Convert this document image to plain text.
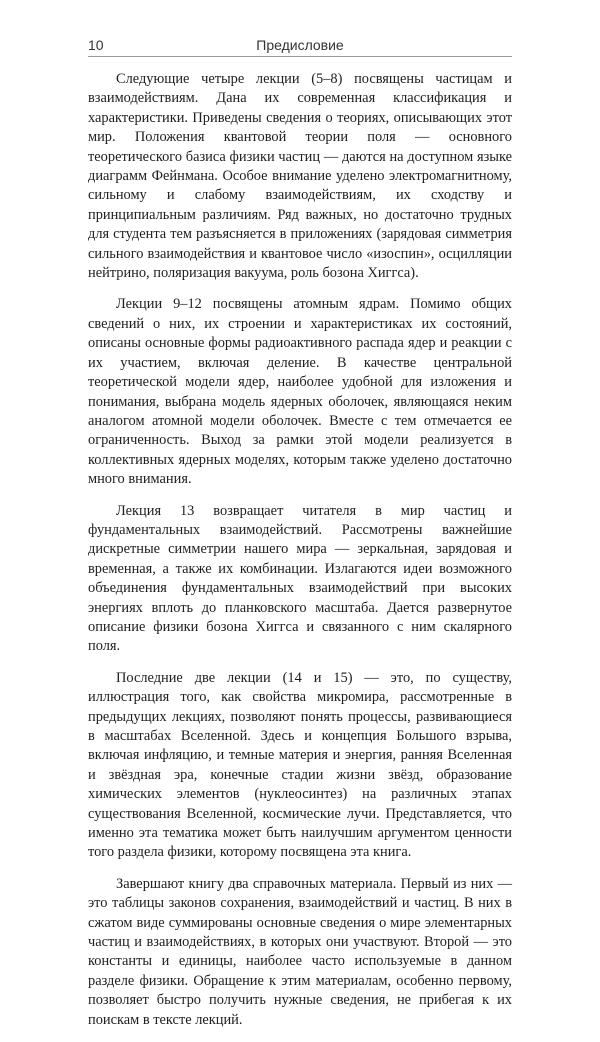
10	Предисловие

Следующие четыре лекции (5–8) посвящены частицам и взаимодействиям. Дана их современная классификация и характеристики. Приведены сведения о теориях, описывающих этот мир. Положения квантовой теории поля — основного теоретического базиса физики частиц — даются на доступном языке диаграмм Фейнмана. Особое внимание уделено электромагнитному, сильному и слабому взаимодействиям, их сходству и принципиальным различиям. Ряд важных, но достаточно трудных для студента тем разъясняется в приложениях (зарядовая симметрия сильного взаимодействия и квантовое число «изоспин», осцилляции нейтрино, поляризация вакуума, роль бозона Хиггса).

Лекции 9–12 посвящены атомным ядрам. Помимо общих сведений о них, их строении и характеристиках их состояний, описаны основные формы радиоактивного распада ядер и реакции с их участием, включая деление. В качестве центральной теоретической модели ядер, наиболее удобной для изложения и понимания, выбрана модель ядерных оболочек, являющаяся неким аналогом атомной модели оболочек. Вместе с тем отмечается ее ограниченность. Выход за рамки этой модели реализуется в коллективных ядерных моделях, которым также уделено достаточно много внимания.

Лекция 13 возвращает читателя в мир частиц и фундаментальных взаимодействий. Рассмотрены важнейшие дискретные симметрии нашего мира — зеркальная, зарядовая и временная, а также их комбинации. Излагаются идеи возможного объединения фундаментальных взаимодействий при высоких энергиях вплоть до планковского масштаба. Дается развернутое описание физики бозона Хиггса и связанного с ним скалярного поля.

Последние две лекции (14 и 15) — это, по существу, иллюстрация того, как свойства микромира, рассмотренные в предыдущих лекциях, позволяют понять процессы, развивающиеся в масштабах Вселенной. Здесь и концепция Большого взрыва, включая инфляцию, и темные материя и энергия, ранняя Вселенная и звёздная эра, конечные стадии жизни звёзд, образование химических элементов (нуклеосинтез) на различных этапах существования Вселенной, космические лучи. Представляется, что именно эта тематика может быть наилучшим аргументом ценности того раздела физики, которому посвящена эта книга.

Завершают книгу два справочных материала. Первый из них — это таблицы законов сохранения, взаимодействий и частиц. В них в сжатом виде суммированы основные сведения о мире элементарных частиц и взаимодействиях, в которых они участвуют. Второй — это константы и единицы, наиболее часто используемые в данном разделе физики. Обращение к этим материалам, особенно первому, позволяет быстро получить нужные сведения, не прибегая к их поискам в тексте лекций.
